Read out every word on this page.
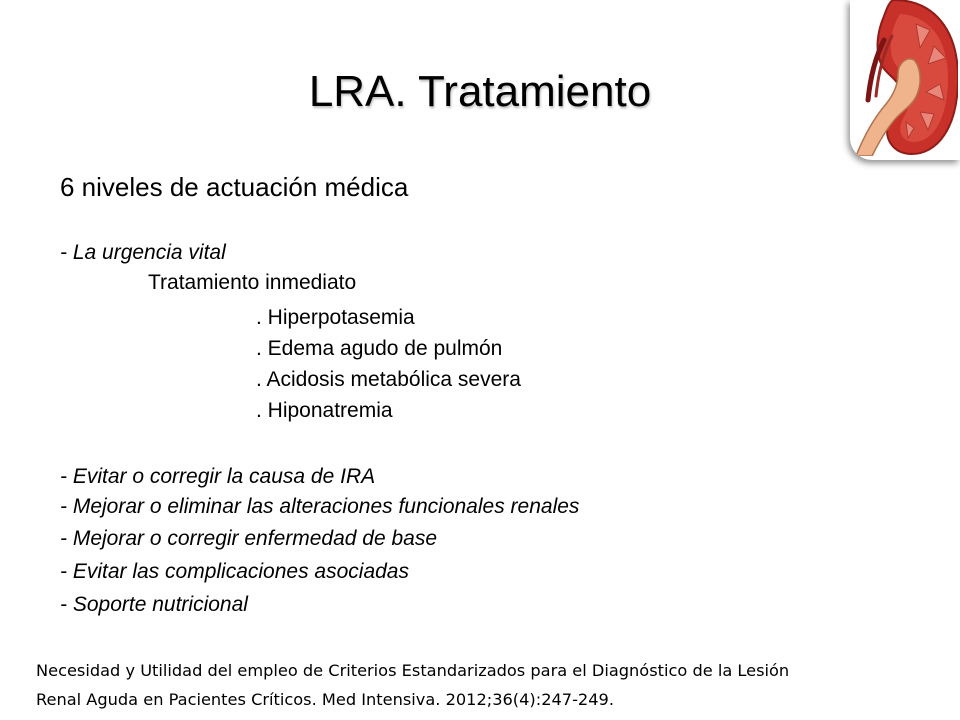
LRA. Tratamiento
6 niveles de actuación médica
- La urgencia vital
Tratamiento inmediato
. Hiperpotasemia
. Edema agudo de pulmón
. Acidosis metabólica severa
. Hiponatremia
- Evitar o corregir la causa de IRA
- Mejorar o eliminar las alteraciones funcionales renales
- Mejorar o corregir enfermedad de base
- Evitar las complicaciones asociadas
- Soporte nutricional
Necesidad y Utilidad del empleo de Criterios Estandarizados para el Diagnóstico de la Lesión
Renal Aguda en Pacientes Críticos. Med Intensiva. 2012;36(4):247-249.
